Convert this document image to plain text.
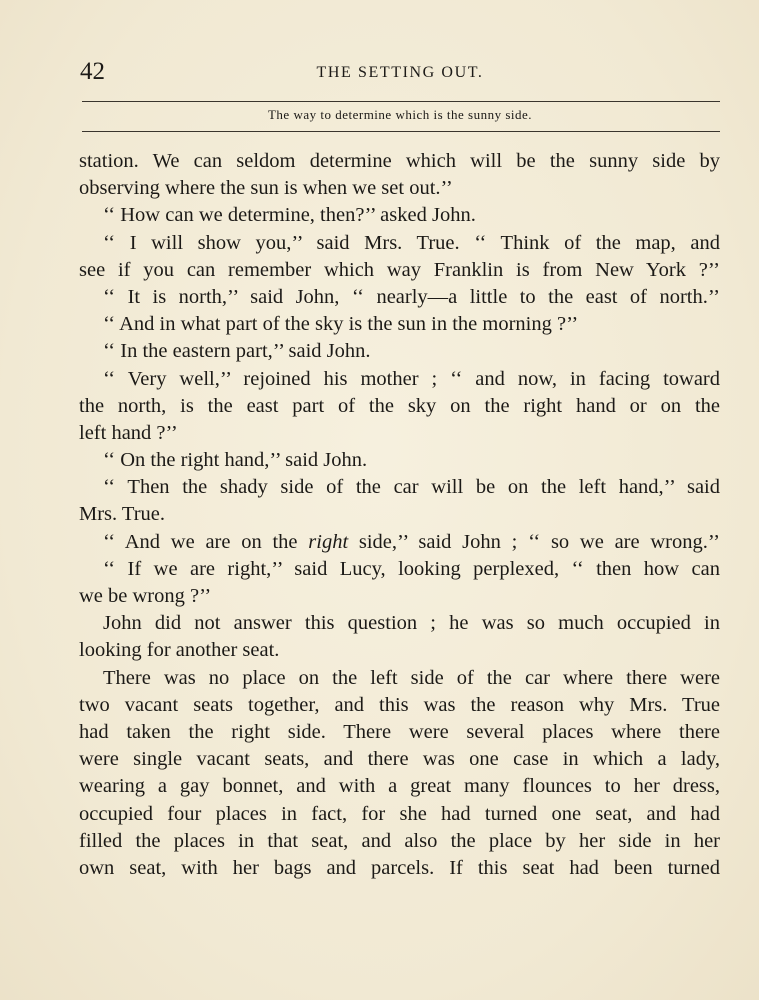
42	THE SETTING OUT.
The way to determine which is the sunny side.
station. We can seldom determine which will be the sunny side by
observing where the sun is when we set out.’’
‘‘ How can we determine, then?’’ asked John.
‘‘ I will show you,’’ said Mrs. True. ‘‘ Think of the map, and
see if you can remember which way Franklin is from New York ?’’
‘‘ It is north,’’ said John, ‘‘ nearly—a little to the east of north.’’
‘‘ And in what part of the sky is the sun in the morning ?’’
‘‘ In the eastern part,’’ said John.
‘‘ Very well,’’ rejoined his mother ; ‘‘ and now, in facing toward
the north, is the east part of the sky on the right hand or on the
left hand ?’’
‘‘ On the right hand,’’ said John.
‘‘ Then the shady side of the car will be on the left hand,’’ said
Mrs. True.
‘‘ And we are on the right side,’’ said John ; ‘‘ so we are wrong.’’
‘‘ If we are right,’’ said Lucy, looking perplexed, ‘‘ then how can
we be wrong ?’’
John did not answer this question ; he was so much occupied in
looking for another seat.
There was no place on the left side of the car where there were
two vacant seats together, and this was the reason why Mrs. True
had taken the right side. There were several places where there
were single vacant seats, and there was one case in which a lady,
wearing a gay bonnet, and with a great many flounces to her dress,
occupied four places in fact, for she had turned one seat, and had
filled the places in that seat, and also the place by her side in her
own seat, with her bags and parcels. If this seat had been turned
